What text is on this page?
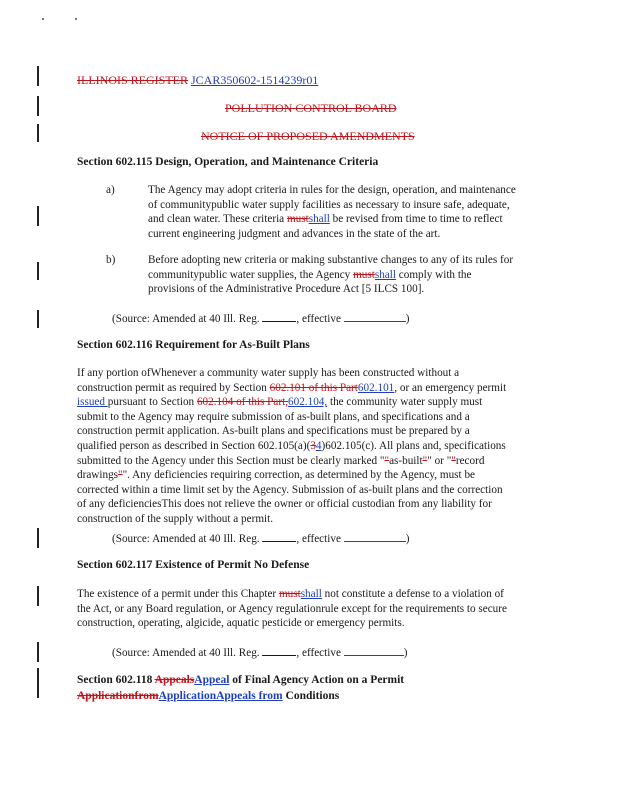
ILLINOIS REGISTER JCAR350602-1514239r01
POLLUTION CONTROL BOARD
NOTICE OF PROPOSED AMENDMENTS
Section 602.115 Design, Operation, and Maintenance Criteria
a)	The Agency may adopt criteria in rules for the design, operation, and maintenance
of communitypublic water supply facilities as necessary to insure safe, adequate,
and clean water. These criteria mustshall be revised from time to time to reflect
current engineering judgment and advances in the state of the art.
b)	Before adopting new criteria or making substantive changes to any of its rules for
communitypublic water supplies, the Agency mustshall comply with the
provisions of the Administrative Procedure Act [5 ILCS 100].
(Source: Amended at 40 Ill. Reg.	, effective	)
Section 602.116 Requirement for As-Built Plans
If any portion ofWhenever a community water supply has been constructed without a
construction permit as required by Section 602.101 of this Part602.101, or an emergency permit
issued pursuant to Section 602.104 of this Part,602.104, the community water supply must
submit to the Agency may require submission of as-built plans, and specifications and a
construction permit application. As-built plans and specifications must be prepared by a
qualified person as described in Section 602.105(a)(34)602.105(c). All plans and, specifications
submitted to the Agency under this Section must be clearly marked ""as-built"" or ""record
drawings"". Any deficiencies requiring correction, as determined by the Agency, must be
corrected within a time limit set by the Agency. Submission of as-built plans and the correction
of any deficienciesThis does not relieve the owner or official custodian from any liability for
construction of the supply without a permit.
(Source: Amended at 40 Ill. Reg.	, effective	)
Section 602.117 Existence of Permit No Defense
The existence of a permit under this Chapter mustshall not constitute a defense to a violation of
the Act, or any Board regulation, or Agency regulationrule except for the requirements to secure
construction, operating, algicide, aquatic pesticide or emergency permits.
(Source: Amended at 40 Ill. Reg.	, effective	)
Section 602.118 AppealsAppeal of Final Agency Action on a Permit
ApplicationfromApplicationAppeals from Conditions
